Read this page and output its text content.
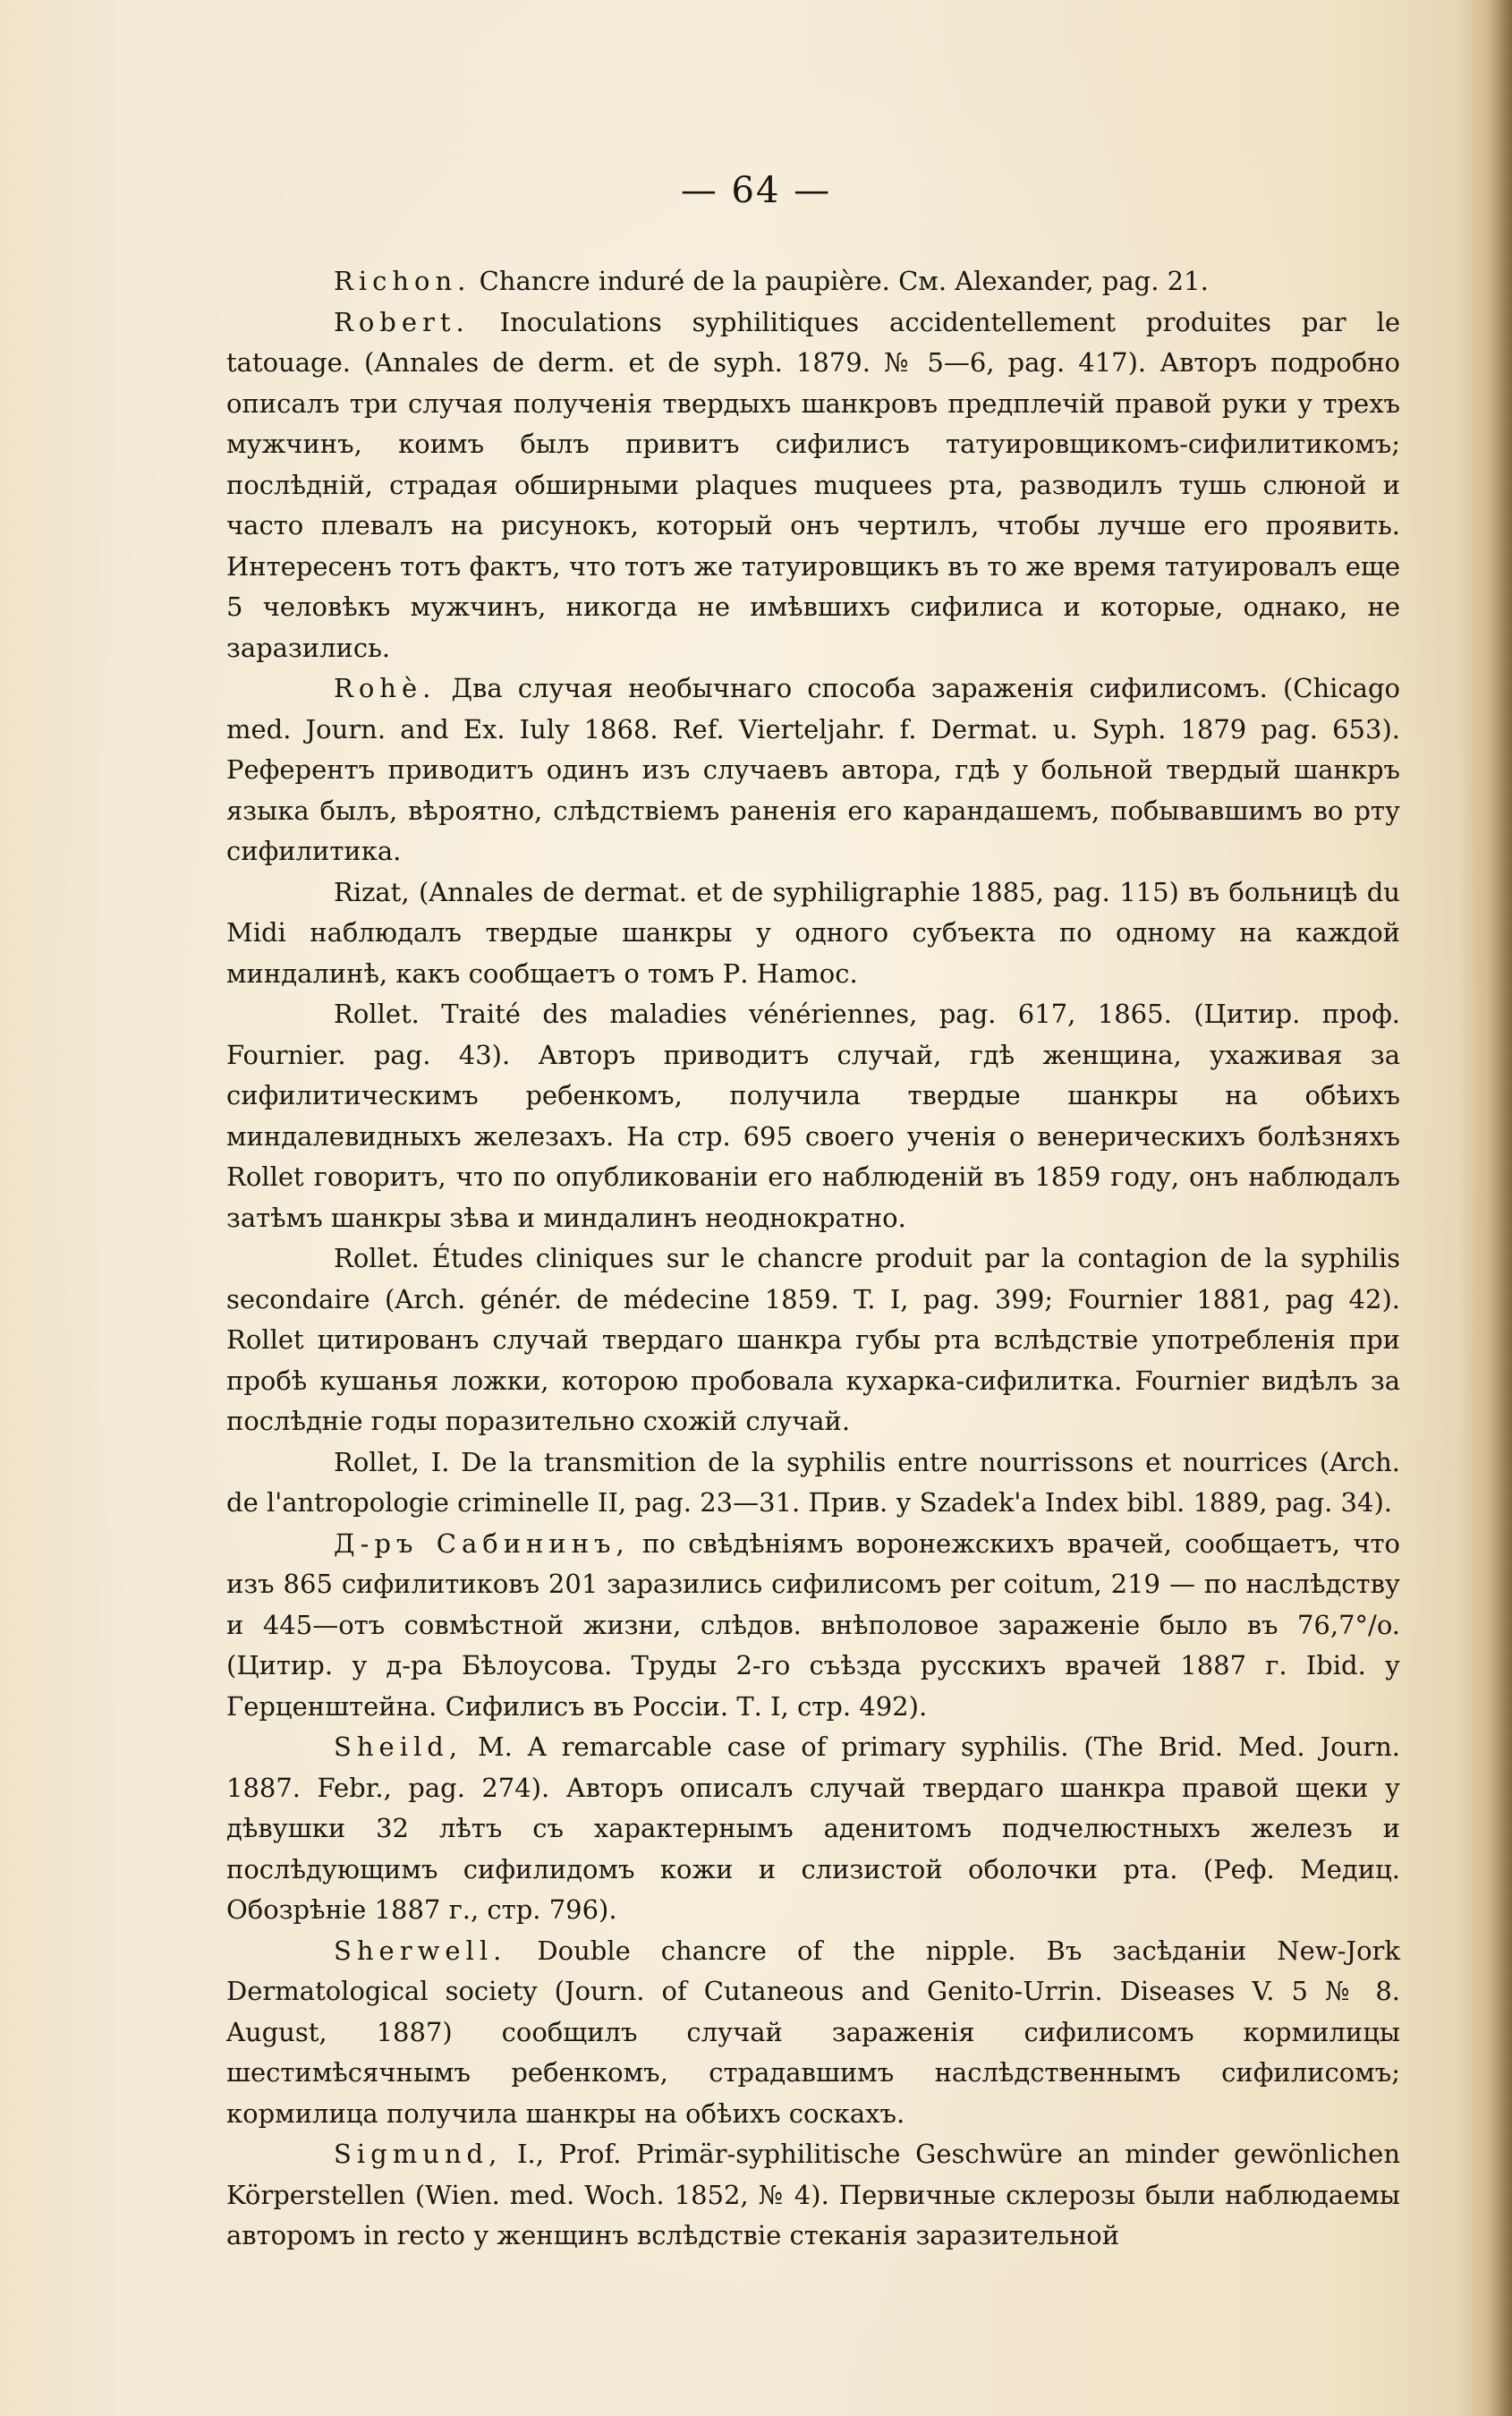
— 64 —

Richon. Chancre induré de la paupière. См. Alexander, pag. 21.

Robert. Inoculations syphilitiques accidentellement produites par le tatouage. (Annales de derm. et de syph. 1879. № 5—6, pag. 417). Авторъ подробно описалъ три случая полученія твердыхъ шанкровъ предплечій правой руки у трехъ мужчинъ, коимъ былъ привитъ сифилисъ татуировщикомъ-сифилитикомъ; послѣдній, страдая обширными plaques muquees рта, разводилъ тушь слюной и часто плевалъ на рисунокъ, который онъ чертилъ, чтобы лучше его проявить. Интересенъ тотъ фактъ, что тотъ же татуировщикъ въ то же время татуировалъ еще 5 человѣкъ мужчинъ, никогда не имѣвшихъ сифилиса и которые, однако, не заразились.

Rohè. Два случая необычнаго способа зараженія сифилисомъ. (Chicago med. Journ. and Ex. Iuly 1868. Ref. Vierteljahr. f. Dermat. u. Syph. 1879 pag. 653). Референтъ приводитъ одинъ изъ случаевъ автора, гдѣ у больной твердый шанкръ языка былъ, вѣроятно, слѣдствіемъ раненія его карандашемъ, побывавшимъ во рту сифилитика.

Rizat, (Annales de dermat. et de syphiligraphie 1885, pag. 115) въ больницѣ du Midi наблюдалъ твердые шанкры у одного субъекта по одному на каждой миндалинѣ, какъ сообщаетъ о томъ Р. Hamoc.

Rollet. Traité des maladies vénériennes, pag. 617, 1865. (Цитир. проф. Fournier. pag. 43). Авторъ приводитъ случай, гдѣ женщина, ухаживая за сифилитическимъ ребенкомъ, получила твердые шанкры на обѣихъ миндалевидныхъ железахъ. На стр. 695 своего ученія о венерическихъ болѣзняхъ Rollet говоритъ, что по опубликованіи его наблюденій въ 1859 году, онъ наблюдалъ затѣмъ шанкры зѣва и миндалинъ неоднократно.

Rollet. Études cliniques sur le chancre produit par la contagion de la syphilis secondaire (Arch. génér. de médecine 1859. T. I, pag. 399; Fournier 1881, pag 42). Rollet цитированъ случай твердаго шанкра губы рта вслѣдствіе употребленія при пробѣ кушанья ложки, которою пробовала кухарка-сифилитка. Fournier видѣлъ за послѣдніе годы поразительно схожій случай.

Rollet, I. De la transmition de la syphilis entre nourrissons et nourrices (Arch. de l'antropologie criminelle II, pag. 23—31. Прив. у Szadek'a Index bibl. 1889, pag. 34).

Д-ръ Сабининъ, по свѣдѣніямъ воронежскихъ врачей, сообщаетъ, что изъ 865 сифилитиковъ 201 заразились сифилисомъ per coitum, 219 — по наслѣдству и 445—отъ совмѣстной жизни, слѣдов. внѣполовое зараженіе было въ 76,7°/o. (Цитир. у д-ра Бѣлоусова. Труды 2-го съѣзда русскихъ врачей 1887 г. Ibid. у Герценштейна. Сифилисъ въ Россіи. Т. I, стр. 492).

Sheild, M. A remarcable case of primary syphilis. (The Brid. Med. Journ. 1887. Febr., pag. 274). Авторъ описалъ случай твердаго шанкра правой щеки у дѣвушки 32 лѣтъ съ характернымъ аденитомъ подчелюстныхъ железъ и послѣдующимъ сифилидомъ кожи и слизистой оболочки рта. (Реф. Медиц. Обозрѣніе 1887 г., стр. 796).

Sherwell. Double chancre of the nipple. Въ засѣданіи New-Jork Dermatological society (Journ. of Cutaneous and Genito-Urrin. Diseases V. 5 № 8. August, 1887) сообщилъ случай зараженія сифилисомъ кормилицы шестимѣсячнымъ ребенкомъ, страдавшимъ наслѣдственнымъ сифилисомъ; кормилица получила шанкры на обѣихъ соскахъ.

Sigmund, I., Prof. Primär-syphilitische Geschwüre an minder gewönlichen Körperstellen (Wien. med. Woch. 1852, № 4). Первичные склерозы были наблюдаемы авторомъ in recto у женщинъ вслѣдствіе стеканія заразительной
